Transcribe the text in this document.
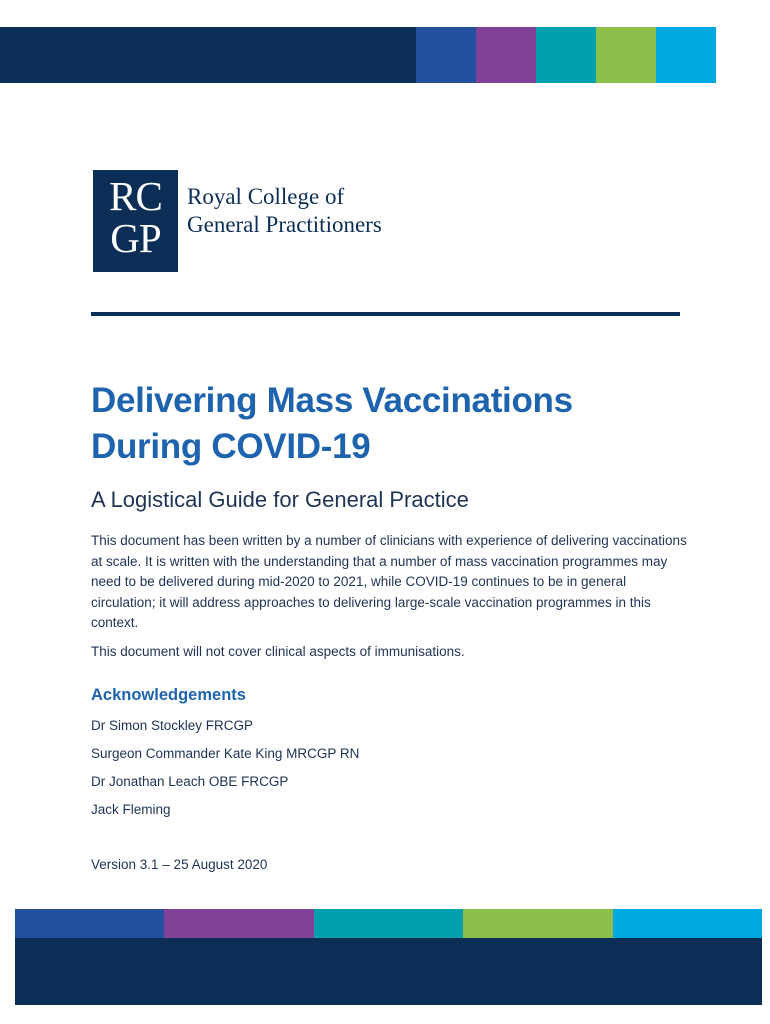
RC
GP
Royal College of
General Practitioners
Delivering Mass Vaccinations
During COVID-19
A Logistical Guide for General Practice

This document has been written by a number of clinicians with experience of delivering vaccinations at scale. It is written with the understanding that a number of mass vaccination programmes may need to be delivered during mid-2020 to 2021, while COVID-19 continues to be in general circulation; it will address approaches to delivering large-scale vaccination programmes in this context.

This document will not cover clinical aspects of immunisations.

Acknowledgements
Dr Simon Stockley FRCGP
Surgeon Commander Kate King MRCGP RN
Dr Jonathan Leach OBE FRCGP
Jack Fleming
Version 3.1 – 25 August 2020
